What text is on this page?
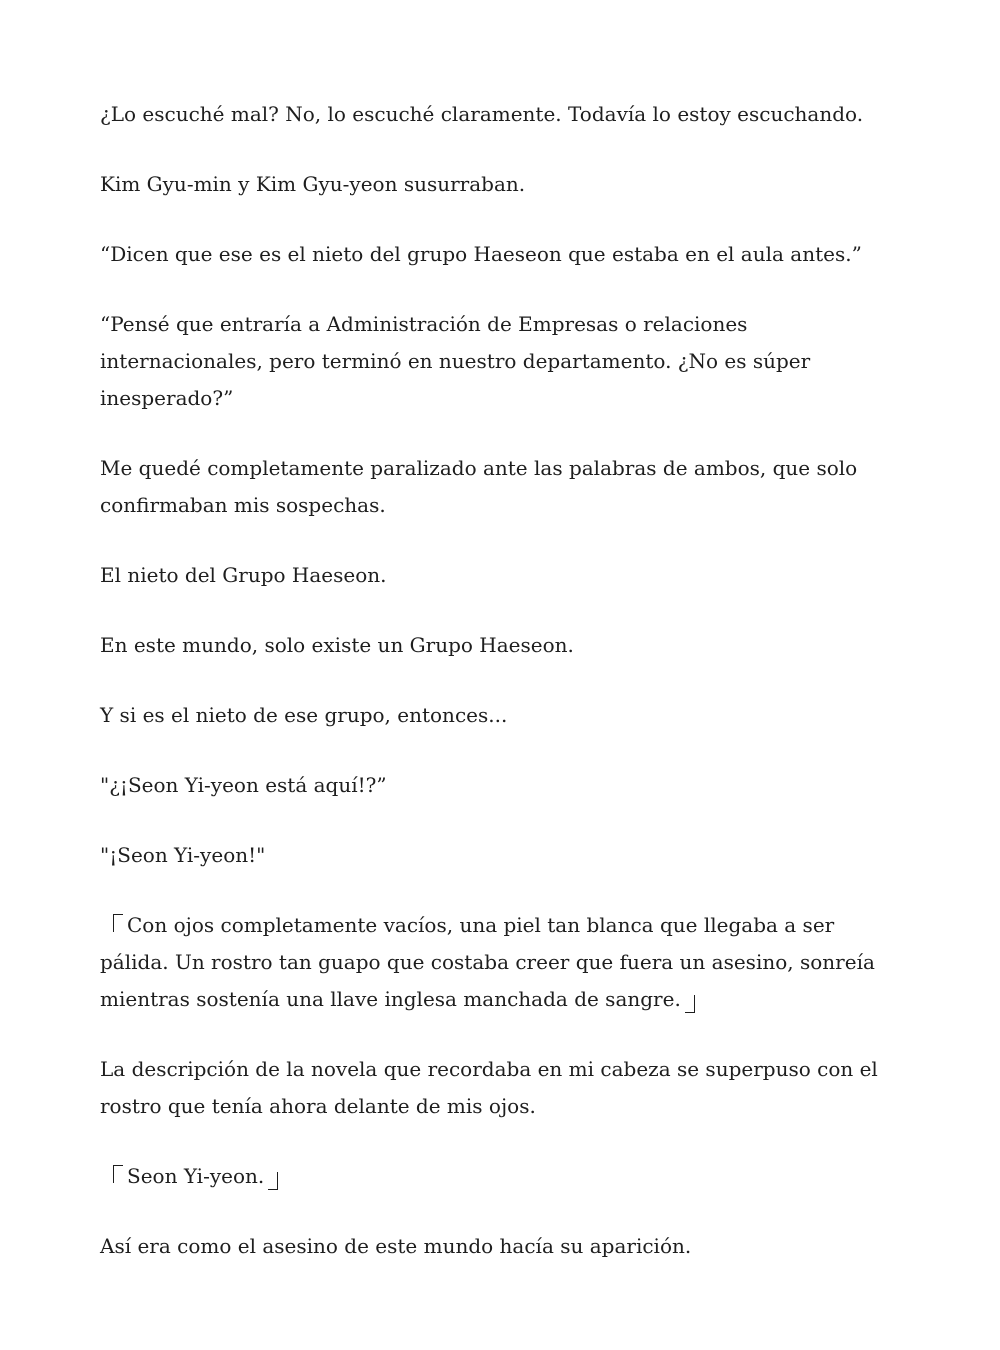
¿Lo escuché mal? No, lo escuché claramente. Todavía lo estoy escuchando.

Kim Gyu-min y Kim Gyu-yeon susurraban.

“Dicen que ese es el nieto del grupo Haeseon que estaba en el aula antes.”

“Pensé que entraría a Administración de Empresas o relaciones internacionales, pero terminó en nuestro departamento. ¿No es súper inesperado?”

Me quedé completamente paralizado ante las palabras de ambos, que solo confirmaban mis sospechas.

El nieto del Grupo Haeseon.

En este mundo, solo existe un Grupo Haeseon.

Y si es el nieto de ese grupo, entonces...

"¿¡Seon Yi-yeon está aquí!?”

"¡Seon Yi-yeon!"

Con ojos completamente vacíos, una piel tan blanca que llegaba a ser pálida. Un rostro tan guapo que costaba creer que fuera un asesino, sonreía mientras sostenía una llave inglesa manchada de sangre.

La descripción de la novela que recordaba en mi cabeza se superpuso con el rostro que tenía ahora delante de mis ojos.

Seon Yi-yeon.

Así era como el asesino de este mundo hacía su aparición.
